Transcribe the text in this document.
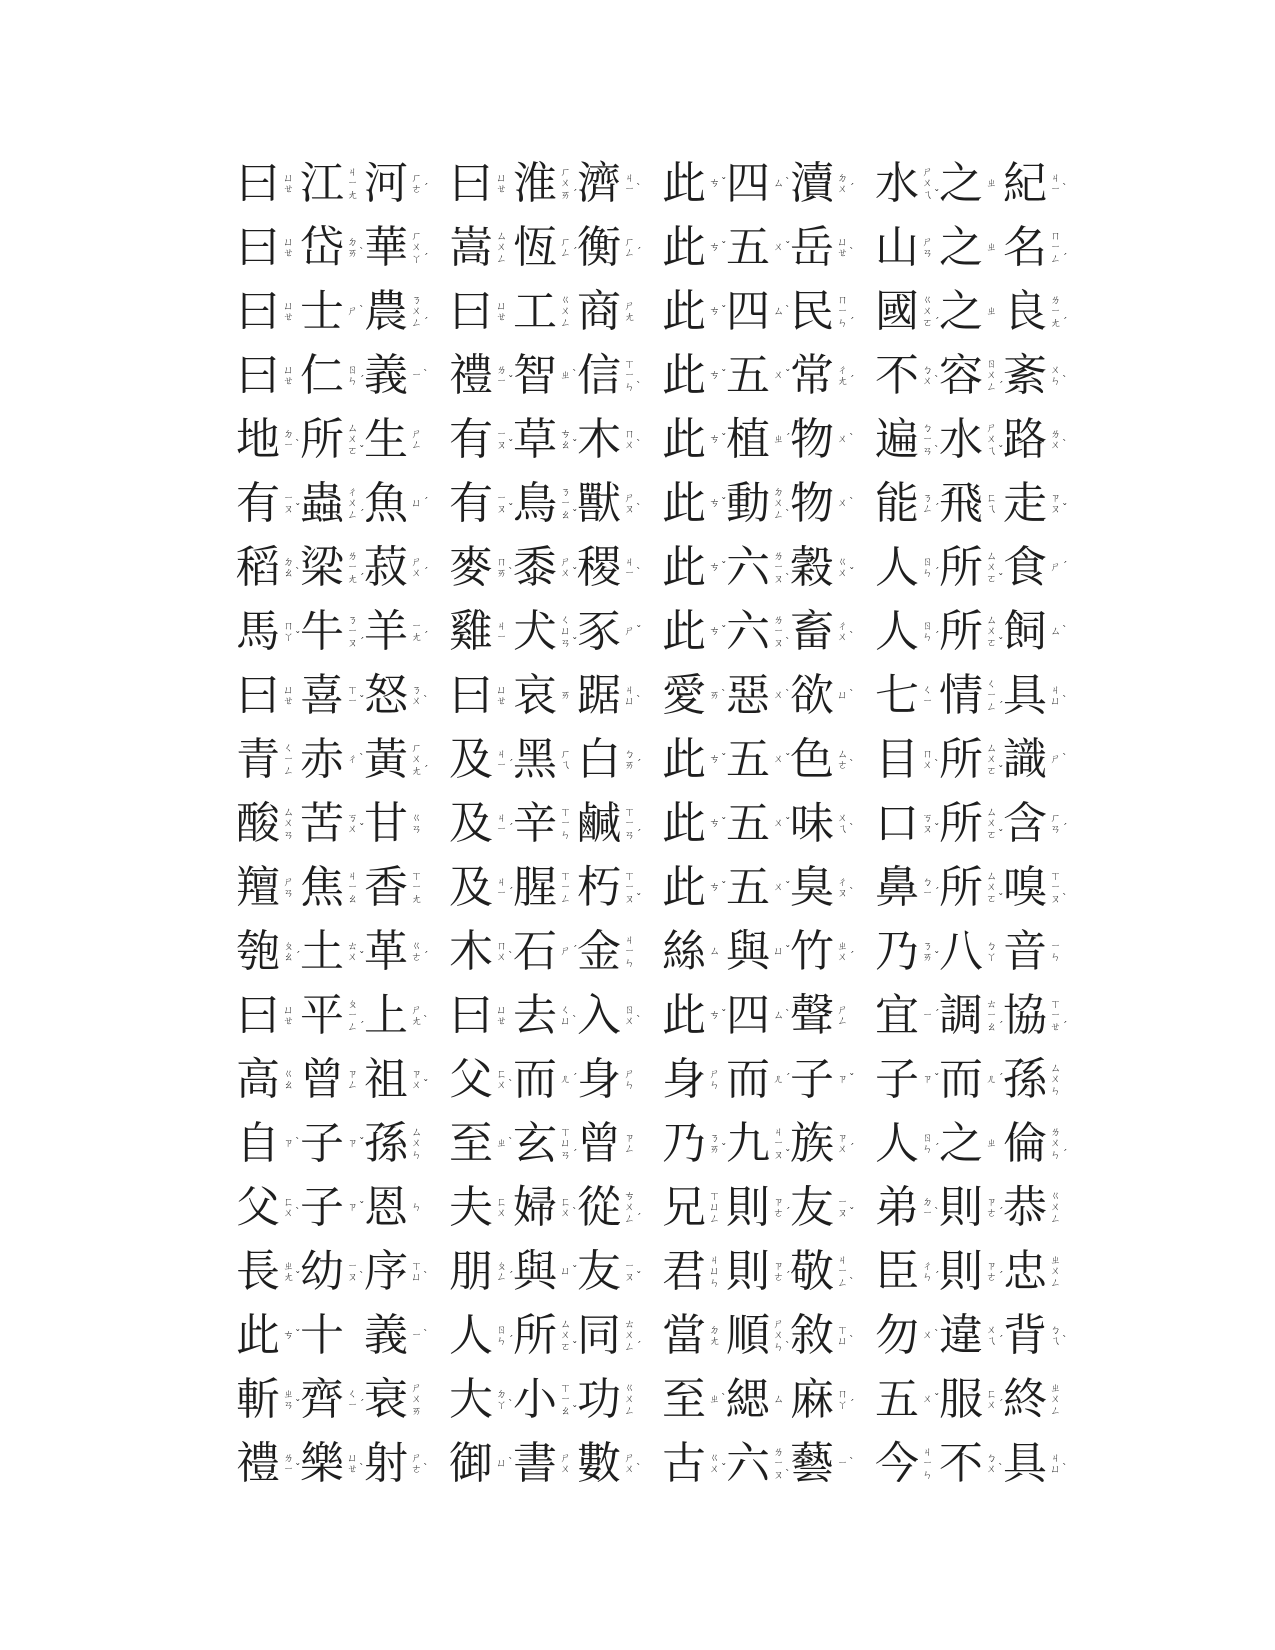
曰 ㄩ
ㄝ 江 ㄐ
ㄧ
ㄤ 河 ㄏ
ㄜ ˊ 曰 ㄩ
ㄝ 淮 ㄏ
ㄨ
ㄞ ˊ 濟 ㄐ
ㄧ ˋ 此 ㄘ ˇ 四 ㄙ ˋ 瀆 ㄉ
ㄨ ˊ 水 ㄕ
ㄨ
ㄟ ˇ 之 ㄓ 紀 ㄐ
ㄧ ˋ
曰 ㄩ
ㄝ 岱 ㄉ
ㄞ ˋ 華 ㄏ
ㄨ
ㄚ ˊ 嵩 ㄙ
ㄨ
ㄥ 恆 ㄏ
ㄥ ˊ 衡 ㄏ
ㄥ ˊ 此 ㄘ ˇ 五 ㄨ ˇ 岳 ㄩ
ㄝ ˋ 山 ㄕ
ㄢ 之 ㄓ 名 ㄇ
ㄧ
ㄥ ˊ
曰 ㄩ
ㄝ 士 ㄕ ˋ 農 ㄋ
ㄨ
ㄥ ˊ 曰 ㄩ
ㄝ 工 ㄍ
ㄨ
ㄥ 商 ㄕ
ㄤ 此 ㄘ ˇ 四 ㄙ ˋ 民 ㄇ
ㄧ
ㄣ ˊ 國 ㄍ
ㄨ
ㄛ ˊ 之 ㄓ 良 ㄌ
ㄧ
ㄤ ˊ
曰 ㄩ
ㄝ 仁 ㄖ
ㄣ ˊ 義 ㄧ ˋ 禮 ㄌ
ㄧ ˇ 智 ㄓ ˋ 信 ㄒ
ㄧ
ㄣ ˋ 此 ㄘ ˇ 五 ㄨ ˇ 常 ㄔ
ㄤ ˊ 不 ㄅ
ㄨ ˋ 容 ㄖ
ㄨ
ㄥ ˊ 紊 ㄨ
ㄣ ˋ
地 ㄉ
ㄧ ˋ 所 ㄙ
ㄨ
ㄛ ˇ 生 ㄕ
ㄥ 有 ㄧ
ㄡ ˇ 草 ㄘ
ㄠ ˇ 木 ㄇ
ㄨ ˋ 此 ㄘ ˇ 植 ㄓ ˊ 物 ㄨ ˋ 遍 ㄅ
ㄧ
ㄢ ˋ 水 ㄕ
ㄨ
ㄟ ˇ 路 ㄌ
ㄨ ˋ
有 ㄧ
ㄡ ˇ 蟲 ㄔ
ㄨ
ㄥ ˊ 魚 ㄩ ˊ 有 ㄧ
ㄡ ˇ 鳥 ㄋ
ㄧ
ㄠ ˇ 獸 ㄕ
ㄡ ˋ 此 ㄘ ˇ 動 ㄉ
ㄨ
ㄥ ˋ 物 ㄨ ˋ 能 ㄋ
ㄥ ˊ 飛 ㄈ
ㄟ 走 ㄗ
ㄡ ˇ
稻 ㄉ
ㄠ ˋ 梁 ㄌ
ㄧ
ㄤ ˊ 菽 ㄕ
ㄨ ˊ 麥 ㄇ
ㄞ ˋ 黍 ㄕ
ㄨ ˇ 稷 ㄐ
ㄧ ˋ 此 ㄘ ˇ 六 ㄌ
ㄧ
ㄡ ˋ 穀 ㄍ
ㄨ ˇ 人 ㄖ
ㄣ ˊ 所 ㄙ
ㄨ
ㄛ ˇ 食 ㄕ ˊ
馬 ㄇ
ㄚ ˇ 牛 ㄋ
ㄧ
ㄡ ˊ 羊 ㄧ
ㄤ ˊ 雞 ㄐ
ㄧ 犬 ㄑ
ㄩ
ㄢ ˇ 豕 ㄕ ˇ 此 ㄘ ˇ 六 ㄌ
ㄧ
ㄡ ˋ 畜 ㄔ
ㄨ ˋ 人 ㄖ
ㄣ ˊ 所 ㄙ
ㄨ
ㄛ ˇ 飼 ㄙ ˋ
曰 ㄩ
ㄝ 喜 ㄒ
ㄧ ˇ 怒 ㄋ
ㄨ ˋ 曰 ㄩ
ㄝ 哀 ㄞ 踞 ㄐ
ㄩ ˋ 愛 ㄞ ˋ 惡 ㄨ ˋ 欲 ㄩ ˋ 七 ㄑ
ㄧ 情 ㄑ
ㄧ
ㄥ ˊ 具 ㄐ
ㄩ ˋ
青 ㄑ
ㄧ
ㄥ 赤 ㄔ ˋ 黃 ㄏ
ㄨ
ㄤ ˊ 及 ㄐ
ㄧ ˊ 黑 ㄏ
ㄟ 白 ㄅ
ㄞ ˊ 此 ㄘ ˇ 五 ㄨ ˇ 色 ㄙ
ㄜ ˋ 目 ㄇ
ㄨ ˋ 所 ㄙ
ㄨ
ㄛ ˇ 識 ㄕ ˋ
酸 ㄙ
ㄨ
ㄢ 苦 ㄎ
ㄨ ˇ 甘 ㄍ
ㄢ 及 ㄐ
ㄧ ˊ 辛 ㄒ
ㄧ
ㄣ 鹹 ㄒ
ㄧ
ㄢ ˊ 此 ㄘ ˇ 五 ㄨ ˇ 味 ㄨ
ㄟ ˋ 口 ㄎ
ㄡ ˇ 所 ㄙ
ㄨ
ㄛ ˇ 含 ㄏ
ㄢ ˊ
羶 ㄕ
ㄢ 焦 ㄐ
ㄧ
ㄠ 香 ㄒ
ㄧ
ㄤ 及 ㄐ
ㄧ ˊ 腥 ㄒ
ㄧ
ㄥ 朽 ㄒ
ㄧ
ㄡ ˇ 此 ㄘ ˇ 五 ㄨ ˇ 臭 ㄔ
ㄡ ˋ 鼻 ㄅ
ㄧ ˊ 所 ㄙ
ㄨ
ㄛ ˇ 嗅 ㄒ
ㄧ
ㄡ ˋ
匏 ㄆ
ㄠ ˊ 土 ㄊ
ㄨ ˇ 革 ㄍ
ㄜ ˊ 木 ㄇ
ㄨ ˋ 石 ㄕ ˊ 金 ㄐ
ㄧ
ㄣ 絲 ㄙ 與 ㄩ ˇ 竹 ㄓ
ㄨ ˊ 乃 ㄋ
ㄞ ˇ 八 ㄅ
ㄚ 音 ㄧ
ㄣ
曰 ㄩ
ㄝ 平 ㄆ
ㄧ
ㄥ ˊ 上 ㄕ
ㄤ ˋ 曰 ㄩ
ㄝ 去 ㄑ
ㄩ ˋ 入 ㄖ
ㄨ ˋ 此 ㄘ ˇ 四 ㄙ ˋ 聲 ㄕ
ㄥ 宜 ㄧ ˊ 調 ㄊ
ㄧ
ㄠ ˊ 協 ㄒ
ㄧ
ㄝ ˊ
高 ㄍ
ㄠ 曾 ㄗ
ㄥ 祖 ㄗ
ㄨ ˇ 父 ㄈ
ㄨ ˋ 而 ㄦ ˊ 身 ㄕ
ㄣ 身 ㄕ
ㄣ 而 ㄦ ˊ 子 ㄗ ˇ 子 ㄗ ˇ 而 ㄦ ˊ 孫 ㄙ
ㄨ
ㄣ
自 ㄗ ˋ 子 ㄗ ˇ 孫 ㄙ
ㄨ
ㄣ 至 ㄓ ˋ 玄 ㄒ
ㄩ
ㄢ ˊ 曾 ㄗ
ㄥ 乃 ㄋ
ㄞ ˇ 九 ㄐ
ㄧ
ㄡ ˇ 族 ㄗ
ㄨ ˊ 人 ㄖ
ㄣ ˊ 之 ㄓ 倫 ㄌ
ㄨ
ㄣ ˊ
父 ㄈ
ㄨ ˋ 子 ㄗ ˇ 恩 ㄣ 夫 ㄈ
ㄨ 婦 ㄈ
ㄨ ˋ 從 ㄘ
ㄨ
ㄥ ˊ 兄 ㄒ
ㄩ
ㄥ 則 ㄗ
ㄜ ˊ 友 ㄧ
ㄡ ˇ 弟 ㄉ
ㄧ ˋ 則 ㄗ
ㄜ ˊ 恭 ㄍ
ㄨ
ㄥ
長 ㄓ
ㄤ ˇ 幼 ㄧ
ㄡ ˋ 序 ㄒ
ㄩ ˋ 朋 ㄆ
ㄥ ˊ 與 ㄩ ˇ 友 ㄧ
ㄡ ˇ 君 ㄐ
ㄩ
ㄣ 則 ㄗ
ㄜ ˊ 敬 ㄐ
ㄧ
ㄥ ˋ 臣 ㄔ
ㄣ ˊ 則 ㄗ
ㄜ ˊ 忠 ㄓ
ㄨ
ㄥ
此 ㄘ ˇ 十 義 ㄧ ˋ 人 ㄖ
ㄣ ˊ 所 ㄙ
ㄨ
ㄛ ˇ 同 ㄊ
ㄨ
ㄥ ˊ 當 ㄉ
ㄤ 順 ㄕ
ㄨ
ㄣ ˋ 敘 ㄒ
ㄩ ˋ 勿 ㄨ ˋ 違 ㄨ
ㄟ ˊ 背 ㄅ
ㄟ ˋ
斬 ㄓ
ㄢ ˇ 齊 ㄑ
ㄧ ˊ 衰 ㄕ
ㄨ
ㄞ 大 ㄉ
ㄚ ˋ 小 ㄒ
ㄧ
ㄠ ˇ 功 ㄍ
ㄨ
ㄥ 至 ㄓ ˋ 緦 ㄙ 麻 ㄇ
ㄚ ˊ 五 ㄨ ˇ 服 ㄈ
ㄨ ˊ 終 ㄓ
ㄨ
ㄥ
禮 ㄌ
ㄧ ˇ 樂 ㄩ
ㄝ ˋ 射 ㄕ
ㄜ ˋ 御 ㄩ ˋ 書 ㄕ
ㄨ 數 ㄕ
ㄨ ˋ 古 ㄍ
ㄨ ˇ 六 ㄌ
ㄧ
ㄡ ˋ 藝 ㄧ ˋ 今 ㄐ
ㄧ
ㄣ 不 ㄅ
ㄨ ˋ 具 ㄐ
ㄩ ˋ
